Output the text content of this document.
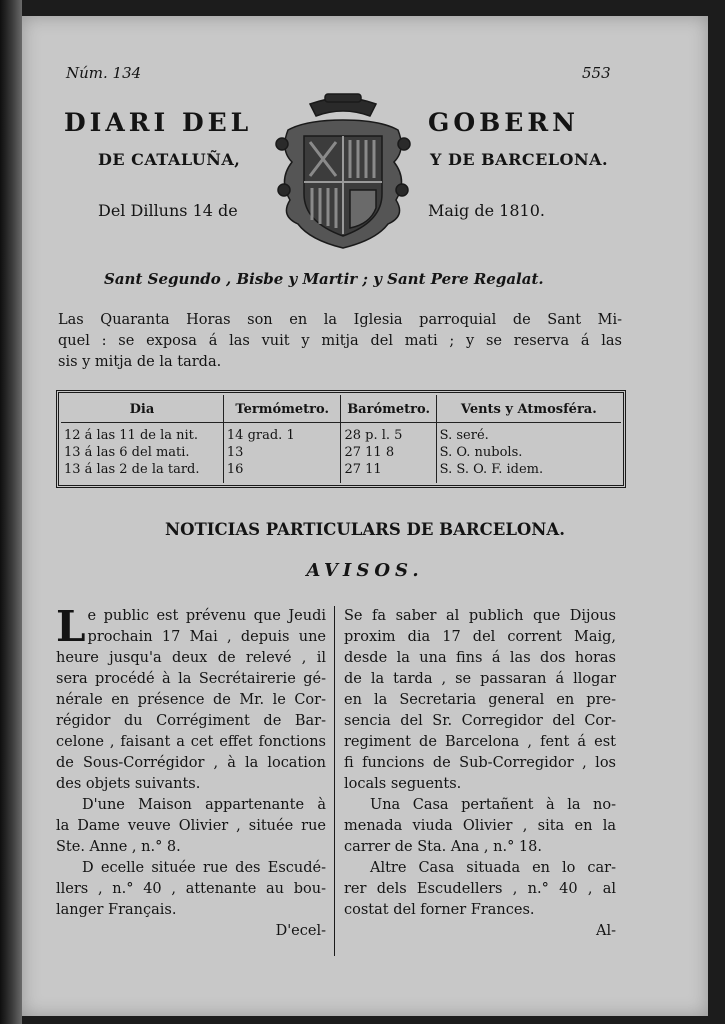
Núm. 134	553
DIARI DEL	GOBERN
DE CATALUÑA,	Y DE BARCELONA.
Del Dilluns 14 de	Maig de 1810.
Sant Segundo , Bisbe y Martir ; y Sant Pere Regalat.
Las Quaranta Horas son en la Iglesia parroquial de Sant Mi-
quel : se exposa á las vuit y mitja del mati ; y se reserva á las
sis y mitja de la tarda.
Dia	Termómetro.	Barómetro.	Vents y Atmosféra.
12 á las 11 de la nit.	14 grad. 1	28 p. l. 5	S. seré.
13 á las 6 del mati.	13	27 11 8	S. O. nubols.
13 á las 2 de la tard.	16	27 11	S. S. O. F. idem.
NOTICIAS PARTICULARS DE BARCELONA.
AVISOS.
L e public est prévenu que Jeudi
prochain 17 Mai , depuis une
heure jusqu'a deux de relevé , il
sera procédé à la Secrétairerie gé-
nérale en présence de Mr. le Cor-
régidor du Corrégiment de Bar-
celone , faisant a cet effet fonctions
de Sous-Corrégidor , à la location
des objets suivants.
D'une Maison appartenante à
la Dame veuve Olivier , située rue
Ste. Anne , n.° 8.
D ecelle située rue des Escudé-
llers , n.° 40 , attenante au bou-
langer Français.
D'ecel-
Se fa saber al publich que Dijous
proxim dia 17 del corrent Maig,
desde la una fins á las dos horas
de la tarda , se passaran á llogar
en la Secretaria general en pre-
sencia del Sr. Corregidor del Cor-
regiment de Barcelona , fent á est
fi funcions de Sub-Corregidor , los
locals seguents.
Una Casa pertañent à la no-
menada viuda Olivier , sita en la
carrer de Sta. Ana , n.° 18.
Altre Casa situada en lo car-
rer dels Escudellers , n.° 40 , al
costat del forner Frances.
Al-
